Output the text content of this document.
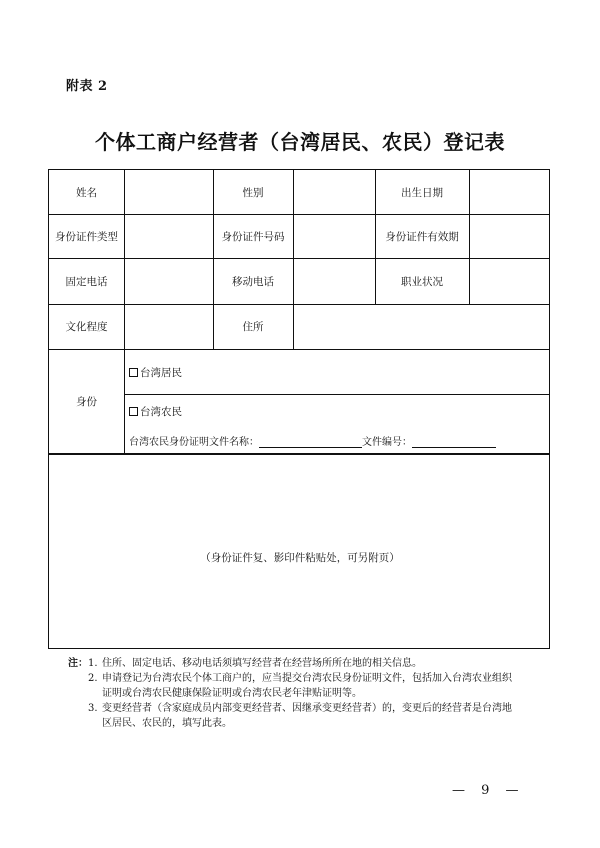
附表 2
个体工商户经营者（台湾居民、农民）登记表
姓名	性别	出生日期
身份证件类型	身份证件号码	身份证件有效期
固定电话	移动电话	职业状况
文化程度	住所
身份
台湾居民
台湾农民
台湾农民身份证明文件名称：	文件编号：
（身份证件复、影印件粘贴处，可另附页）
注： 1. 住所、固定电话、移动电话须填写经营者在经营场所所在地的相关信息。
2. 申请登记为台湾农民个体工商户的，应当提交台湾农民身份证明文件，包括加入台湾农业组织
证明或台湾农民健康保险证明或台湾农民老年津贴证明等。
3. 变更经营者（含家庭成员内部变更经营者、因继承变更经营者）的，变更后的经营者是台湾地
区居民、农民的，填写此表。
— 9 —
